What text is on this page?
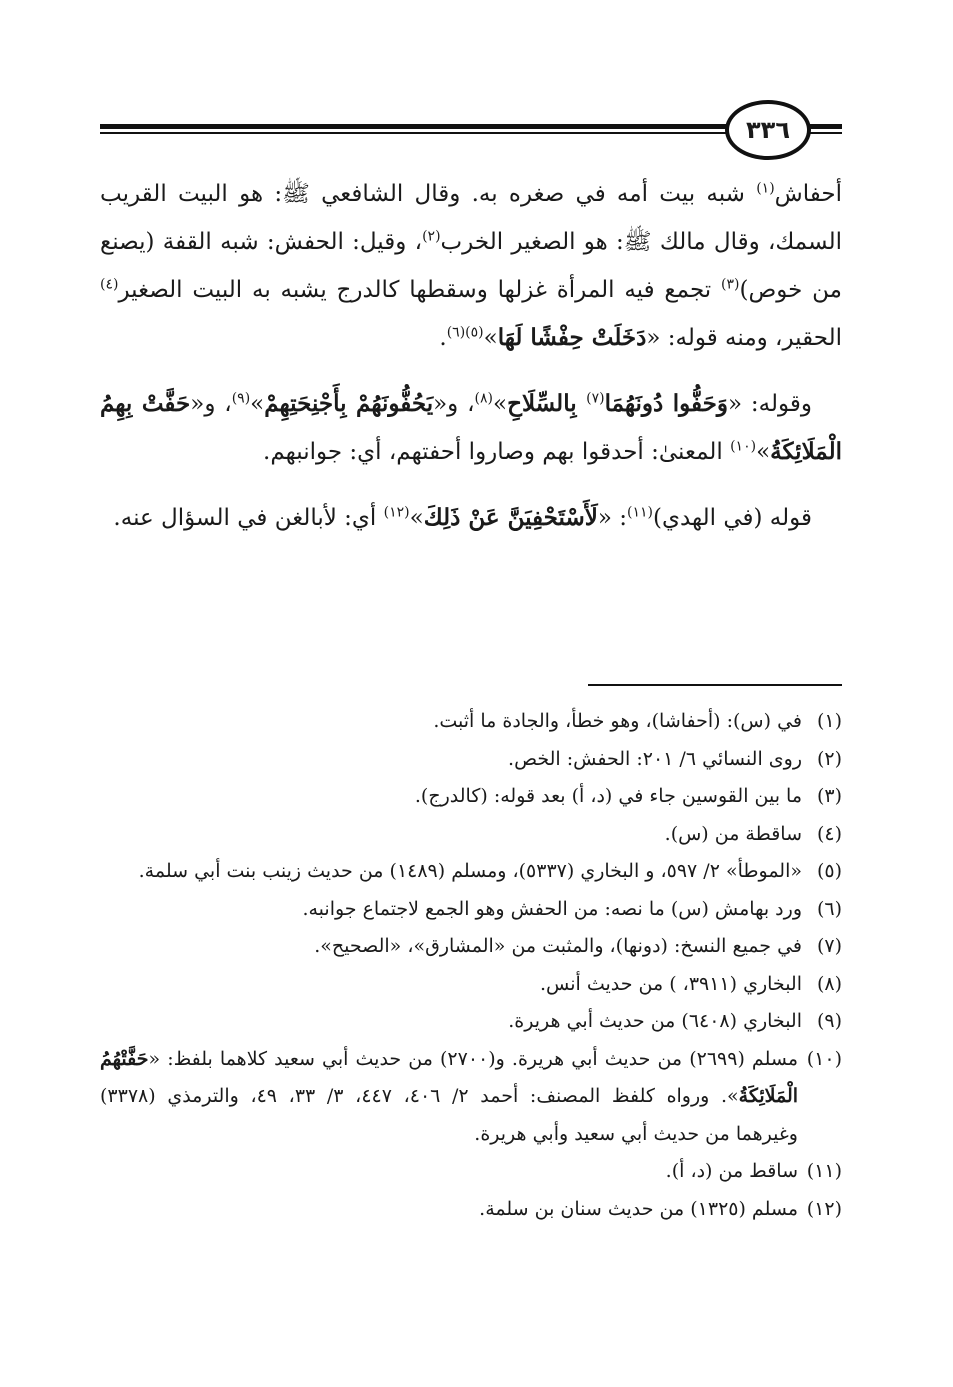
٣٣٦

أحفاش$^{(١)}$ شبه بيت أمه في صغره به. وقال الشافعي ﷺ: هو البيت القريب السمك، وقال مالك ﷺ: هو الصغير الخرب$^{(٢)}$، وقيل: الحفش: شبه القفة (يصنع من خوص)$^{(٣)}$ تجمع فيه المرأة غزلها وسقطها كالدرج يشبه به البيت الصغير$^{(٤)}$ الحقير، ومنه قوله: «دَخَلَتْ حِفْشًا لَهَا»$^{(٥)(٦)}$.

وقوله: «وَحَفُّوا دُونَهُمَا$^{(٧)}$ بِالسِّلَاحِ»$^{(٨)}$، و«يَحُفُّونَهُمْ بِأَجْنِحَتِهِمْ»$^{(٩)}$، و«حَفَّتْ بِهِمُ الْمَلَائِكَةُ»$^{(١٠)}$ المعنىٰ: أحدقوا بهم وصاروا أحفتهم، أي: جوانبهم.

قوله (في الهدي)$^{(١١)}$: «لَأَسْتَحْفِيَنَّ عَنْ ذَلِكَ»$^{(١٢)}$ أي: لأبالغن في السؤال عنه.

(١)
في (س): (أحفاشا)، وهو خطأ، والجادة ما أثبت.
(٢)
روى النسائي ٦/ ٢٠١: الحفش: الخص.
(٣)
ما بين القوسين جاء في (د، أ) بعد قوله: (كالدرج).
(٤)
ساقطة من (س).
(٥)
«الموطأ» ٢/ ٥٩٧، و البخاري (٥٣٣٧)، ومسلم (١٤٨٩) من حديث زينب بنت أبي سلمة.
(٦)
ورد بهامش (س) ما نصه: من الحفش وهو الجمع لاجتماع جوانبه.
(٧)
في جميع النسخ: (دونها)، والمثبت من «المشارق»، «الصحيح».
(٨)
البخاري (٣٩١١، ) من حديث أنس.
(٩)
البخاري (٦٤٠٨) من حديث أبي هريرة.
(١٠)
مسلم (٢٦٩٩) من حديث أبي هريرة. و(٢٧٠٠) من حديث أبي سعيد كلاهما بلفظ: «حَفَّتْهُمُ الْمَلَائِكَةُ». ورواه كلفظ المصنف: أحمد ٢/ ٤٠٦، ٤٤٧، ٣/ ٣٣، ٤٩، والترمذي (٣٣٧٨) وغيرهما من حديث أبي سعيد وأبي هريرة.
(١١)
ساقط من (د، أ).
(١٢)
مسلم (١٣٢٥) من حديث سنان بن سلمة.
